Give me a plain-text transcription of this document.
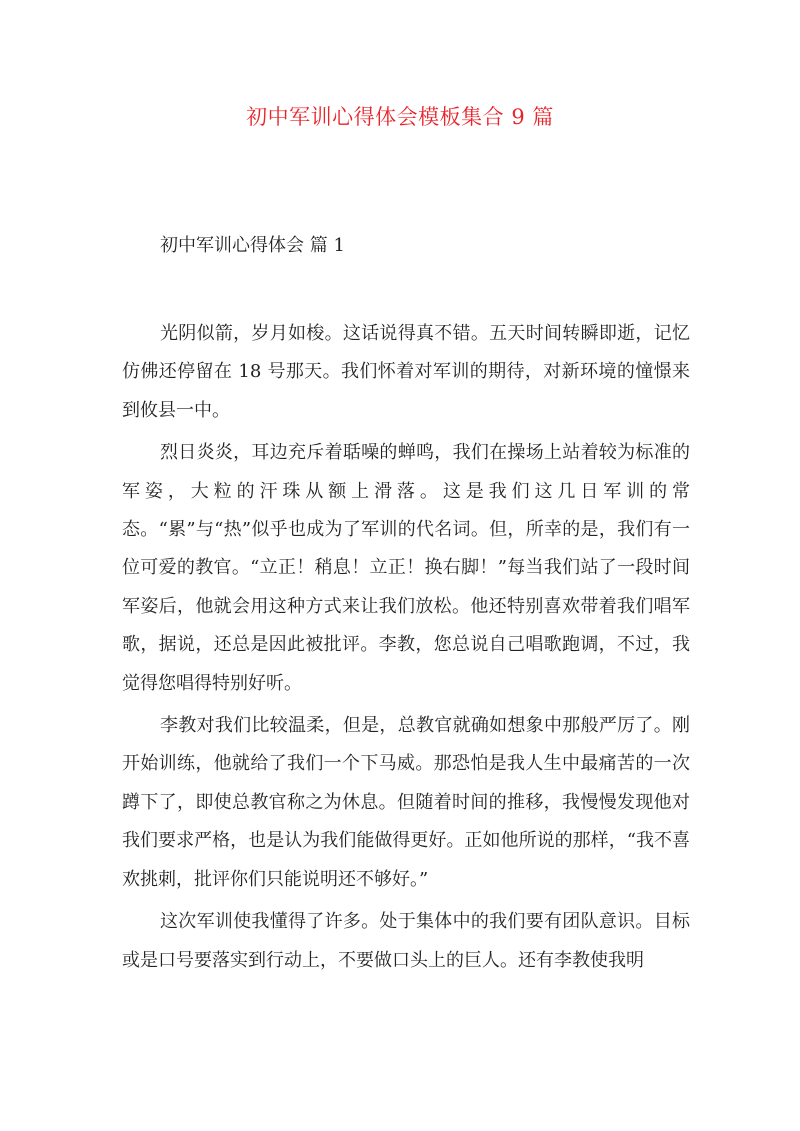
初中军训心得体会模板集合 9 篇
初中军训心得体会 篇 1

光阴似箭，岁月如梭。这话说得真不错。五天时间转瞬即逝，记忆仿佛还停留在 18 号那天。我们怀着对军训的期待，对新环境的憧憬来到攸县一中。

烈日炎炎，耳边充斥着聒噪的蝉鸣，我们在操场上站着较为标准的军姿，大粒的汗珠从额上滑落。这是我们这几日军训的常态。“累”与“热”似乎也成为了军训的代名词。但，所幸的是，我们有一位可爱的教官。“立正！稍息！立正！换右脚！”每当我们站了一段时间军姿后，他就会用这种方式来让我们放松。他还特别喜欢带着我们唱军歌，据说，还总是因此被批评。李教，您总说自己唱歌跑调，不过，我觉得您唱得特别好听。

李教对我们比较温柔，但是，总教官就确如想象中那般严厉了。刚开始训练，他就给了我们一个下马威。那恐怕是我人生中最痛苦的一次蹲下了，即使总教官称之为休息。但随着时间的推移，我慢慢发现他对我们要求严格，也是认为我们能做得更好。正如他所说的那样，“我不喜欢挑刺，批评你们只能说明还不够好。”

这次军训使我懂得了许多。处于集体中的我们要有团队意识。目标或是口号要落实到行动上，不要做口头上的巨人。还有李教使我明
